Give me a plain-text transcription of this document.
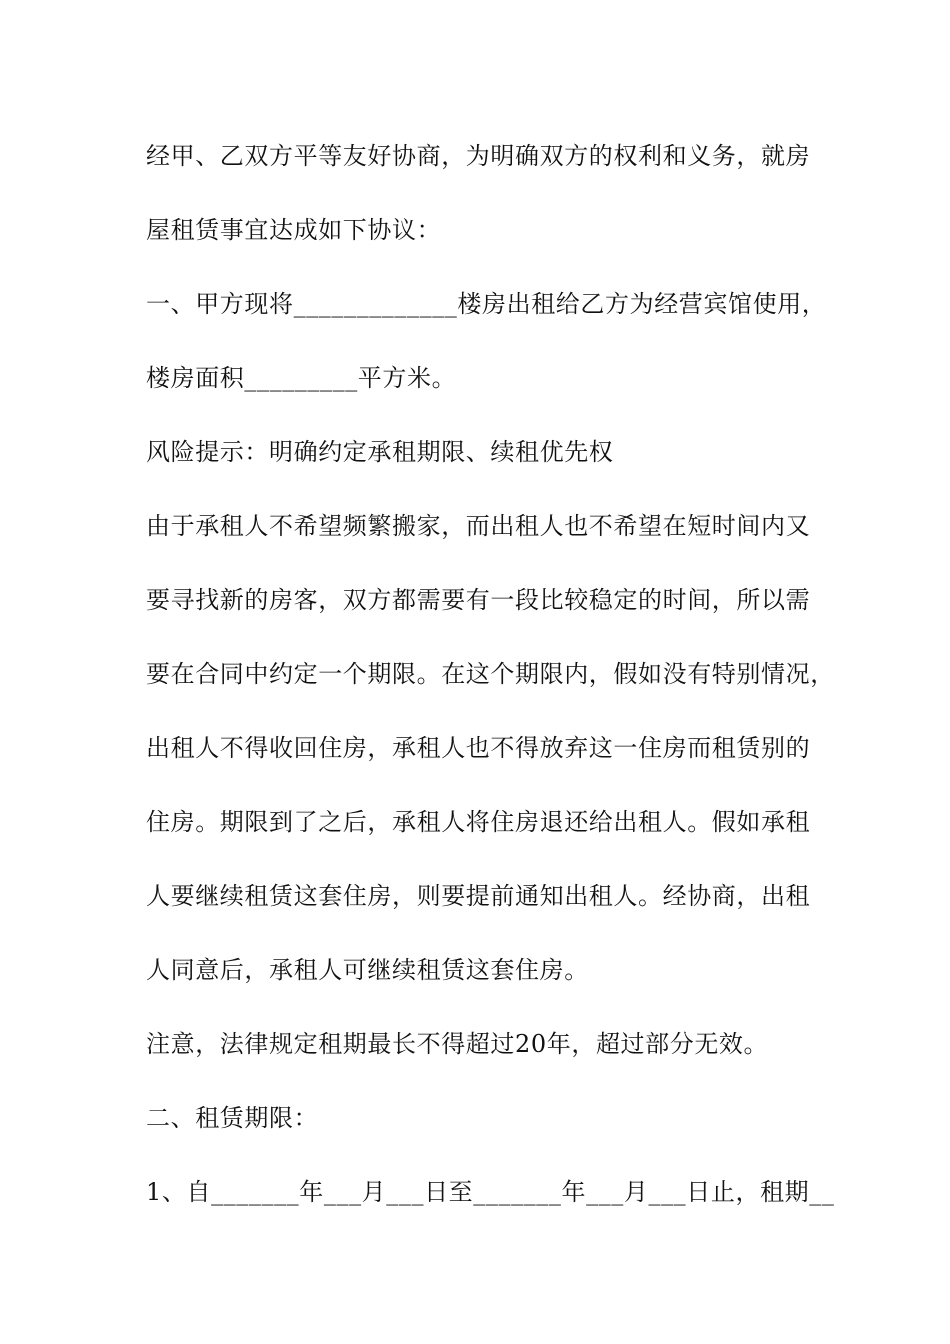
经甲、乙双方平等友好协商，为明确双方的权利和义务，就房
屋租赁事宜达成如下协议：
一、甲方现将_____________楼房出租给乙方为经营宾馆使用，
楼房面积_________平方米。
风险提示：明确约定承租期限、续租优先权
由于承租人不希望频繁搬家，而出租人也不希望在短时间内又
要寻找新的房客，双方都需要有一段比较稳定的时间，所以需
要在合同中约定一个期限。在这个期限内，假如没有特别情况，
出租人不得收回住房，承租人也不得放弃这一住房而租赁别的
住房。期限到了之后，承租人将住房退还给出租人。假如承租
人要继续租赁这套住房，则要提前通知出租人。经协商，出租
人同意后，承租人可继续租赁这套住房。
注意，法律规定租期最长不得超过20年，超过部分无效。
二、租赁期限：
1、自_______年___月___日至_______年___月___日止，租期__
